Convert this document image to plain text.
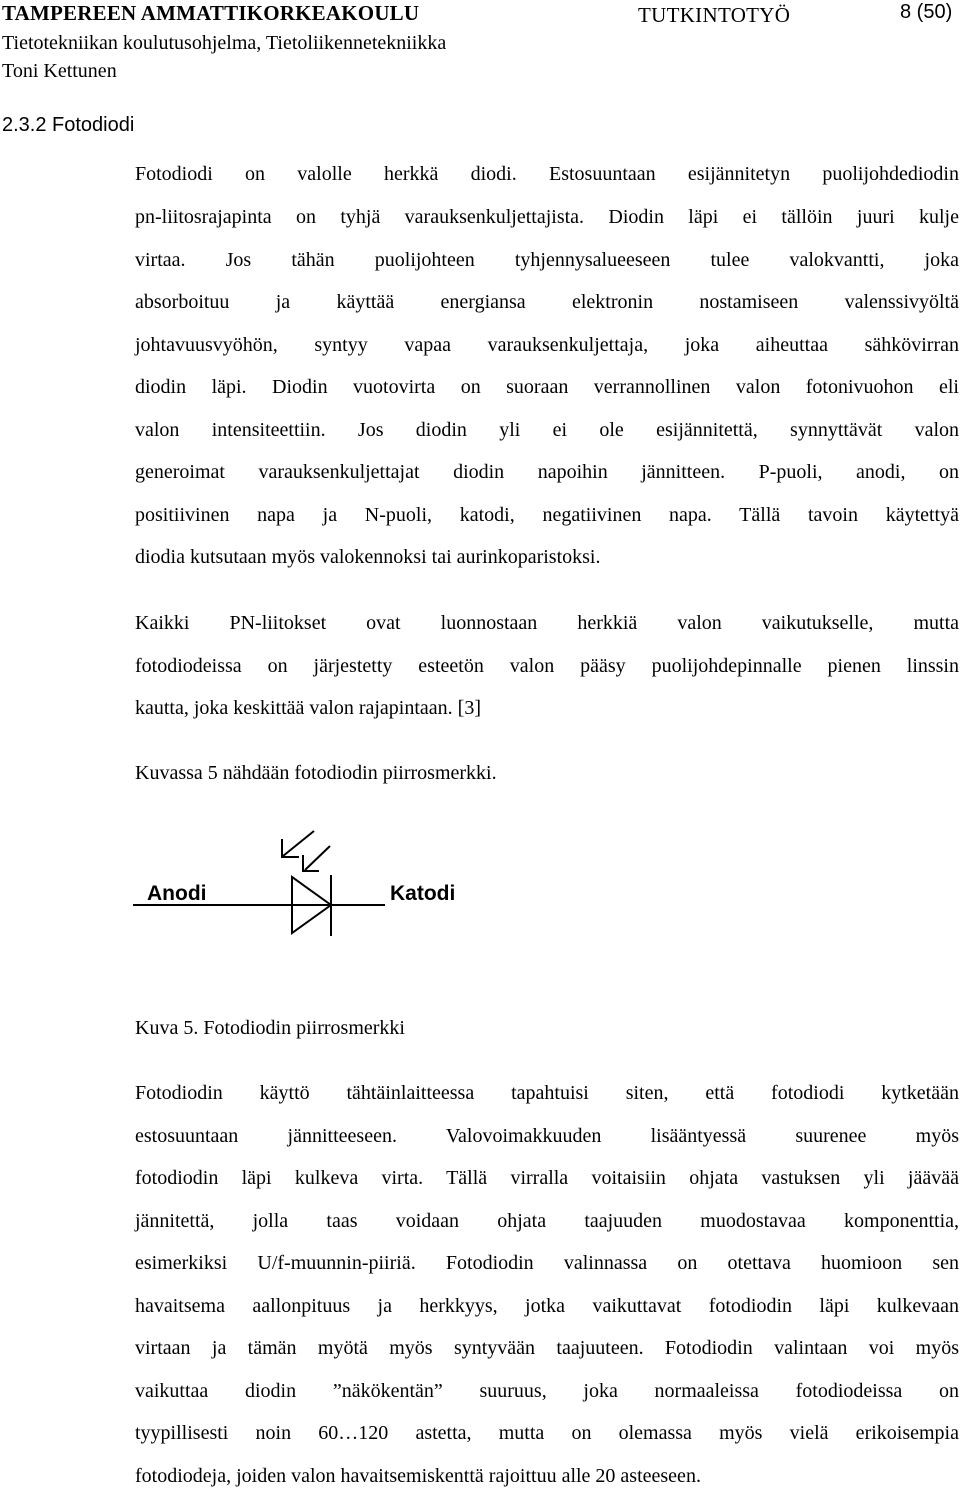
TAMPEREEN AMMATTIKORKEAKOULU	TUTKINTOTYÖ	8 (50)
Tietotekniikan koulutusohjelma, Tietoliikennetekniikka
Toni Kettunen
2.3.2 Fotodiodi
Fotodiodi on valolle herkkä diodi. Estosuuntaan esijännitetyn puolijohdediodin
pn-liitosrajapinta on tyhjä varauksenkuljettajista. Diodin läpi ei tällöin juuri kulje
virtaa. Jos tähän puolijohteen tyhjennysalueeseen tulee valokvantti, joka
absorboituu ja käyttää energiansa elektronin nostamiseen valenssivyöltä
johtavuusvyöhön, syntyy vapaa varauksenkuljettaja, joka aiheuttaa sähkövirran
diodin läpi. Diodin vuotovirta on suoraan verrannollinen valon fotonivuohon eli
valon intensiteettiin. Jos diodin yli ei ole esijännitettä, synnyttävät valon
generoimat varauksenkuljettajat diodin napoihin jännitteen. P-puoli, anodi, on
positiivinen napa ja N-puoli, katodi, negatiivinen napa. Tällä tavoin käytettyä
diodia kutsutaan myös valokennoksi tai aurinkoparistoksi.
Kaikki PN-liitokset ovat luonnostaan herkkiä valon vaikutukselle, mutta
fotodiodeissa on järjestetty esteetön valon pääsy puolijohdepinnalle pienen linssin
kautta, joka keskittää valon rajapintaan. [3]
Kuvassa 5 nähdään fotodiodin piirrosmerkki.
Anodi	Katodi
Kuva 5. Fotodiodin piirrosmerkki
Fotodiodin käyttö tähtäinlaitteessa tapahtuisi siten, että fotodiodi kytketään
estosuuntaan jännitteeseen. Valovoimakkuuden lisääntyessä suurenee myös
fotodiodin läpi kulkeva virta. Tällä virralla voitaisiin ohjata vastuksen yli jäävää
jännitettä, jolla taas voidaan ohjata taajuuden muodostavaa komponenttia,
esimerkiksi U/f-muunnin-piiriä. Fotodiodin valinnassa on otettava huomioon sen
havaitsema aallonpituus ja herkkyys, jotka vaikuttavat fotodiodin läpi kulkevaan
virtaan ja tämän myötä myös syntyvään taajuuteen. Fotodiodin valintaan voi myös
vaikuttaa diodin ”näkökentän” suuruus, joka normaaleissa fotodiodeissa on
tyypillisesti noin 60…120 astetta, mutta on olemassa myös vielä erikoisempia
fotodiodeja, joiden valon havaitsemiskenttä rajoittuu alle 20 asteeseen.
